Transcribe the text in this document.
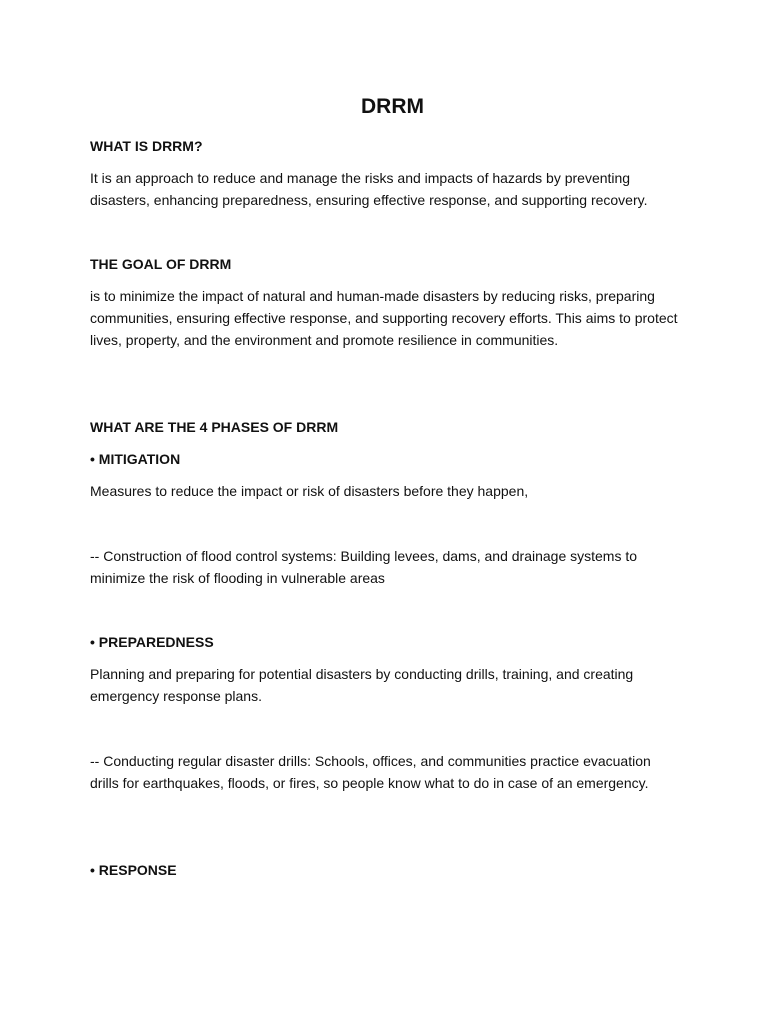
DRRM
WHAT IS DRRM?

It is an approach to reduce and manage the risks and impacts of hazards by preventing disasters, enhancing preparedness, ensuring effective response, and supporting recovery.

THE GOAL OF DRRM

is to minimize the impact of natural and human-made disasters by reducing risks, preparing communities, ensuring effective response, and supporting recovery efforts. This aims to protect lives, property, and the environment and promote resilience in communities.

WHAT ARE THE 4 PHASES OF DRRM
• MITIGATION

Measures to reduce the impact or risk of disasters before they happen,

-- Construction of flood control systems: Building levees, dams, and drainage systems to minimize the risk of flooding in vulnerable areas

• PREPAREDNESS

Planning and preparing for potential disasters by conducting drills, training, and creating emergency response plans.

-- Conducting regular disaster drills: Schools, offices, and communities practice evacuation drills for earthquakes, floods, or fires, so people know what to do in case of an emergency.

• RESPONSE
